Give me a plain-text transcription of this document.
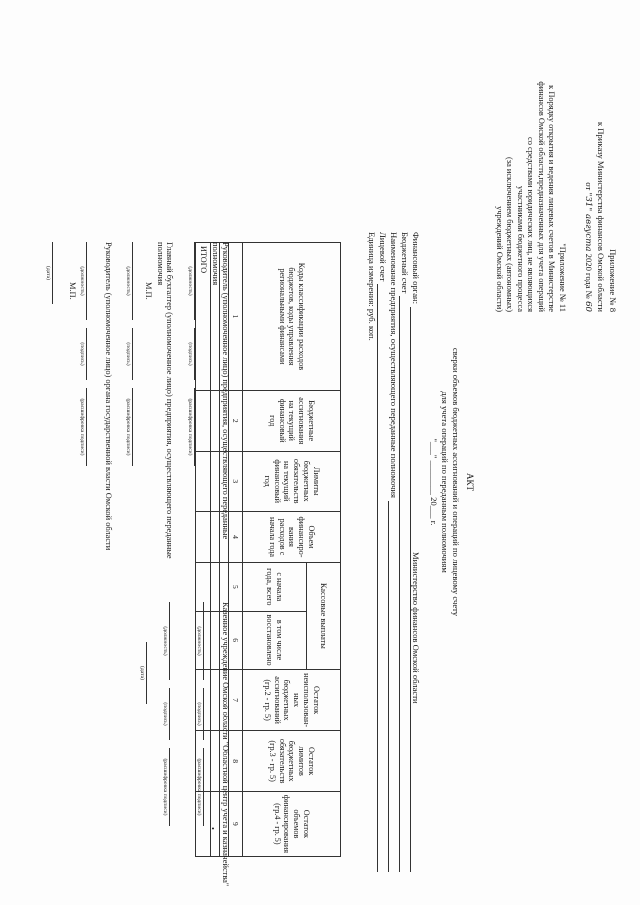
Приложение № 8
к Приказу Министерства финансов Омской области
от "31" августа 2020 года № 60
"Приложение № 11
к Порядку открытия и ведения лицевых счетов в Министерстве
финансов Омской области,предназначенных для учета операций
со средствами юридических лиц, не являющихся
участниками бюджетного процесса
(за исключением бюджетных (автономных)
учреждений Омской области)
АКТ
сверки объемов бюджетных ассигнований и операций по лицевому счету
для учета операций по переданным полномочиям
"___" ________ 20___ г.
Финансовый орган:
Министерство финансов Омской области
Бюджетный счет
Наименование предприятия, осуществляющего переданные полномочия
Лицевой счет
Единица измерения: руб. коп.
Коды классификации расходов бюджетов, коды управления региональными финансами	Бюджетные ассигнования на текущий финансовый год	Лимиты бюджетных обязательств на текущий финансовый год	Объем финансиро-вания расходов с начала года	Кассовые выплаты		Остаток неиспользован-ных бюджетных ассигнований (гр.2 - гр. 5)	Остаток лимитов бюджетных обязательств (гр.3 - гр. 5)	Остаток объемов финансирования (гр.4 - гр. 5)
				с начала года, всего	в том числе восстановлено			
1	2	3	4	5	6	7	8	9

ИТОГО									Руководитель (уполномоченное лицо) предприятия, осуществляющего переданные полномочия
(должность)
(подпись)
(расшифровка подписи)
Главный бухгалтер (уполномоченное лицо) предприятия, осуществляющего переданные полномочия
М.П.
(должность)
(подпись)
(расшифровка подписи)
Руководитель (уполномоченное лицо) органа государственной власти Омской области
(должность)
(подпись)
(расшифровка подписи)
М.П.
(дата)
Казенное учреждение Омской области "Областной центр учета и казначейства"
(должность)
(подпись)
(расшифровка подписи)
(должность)
(подпись)
(расшифровка подписи)
(дата)
•
